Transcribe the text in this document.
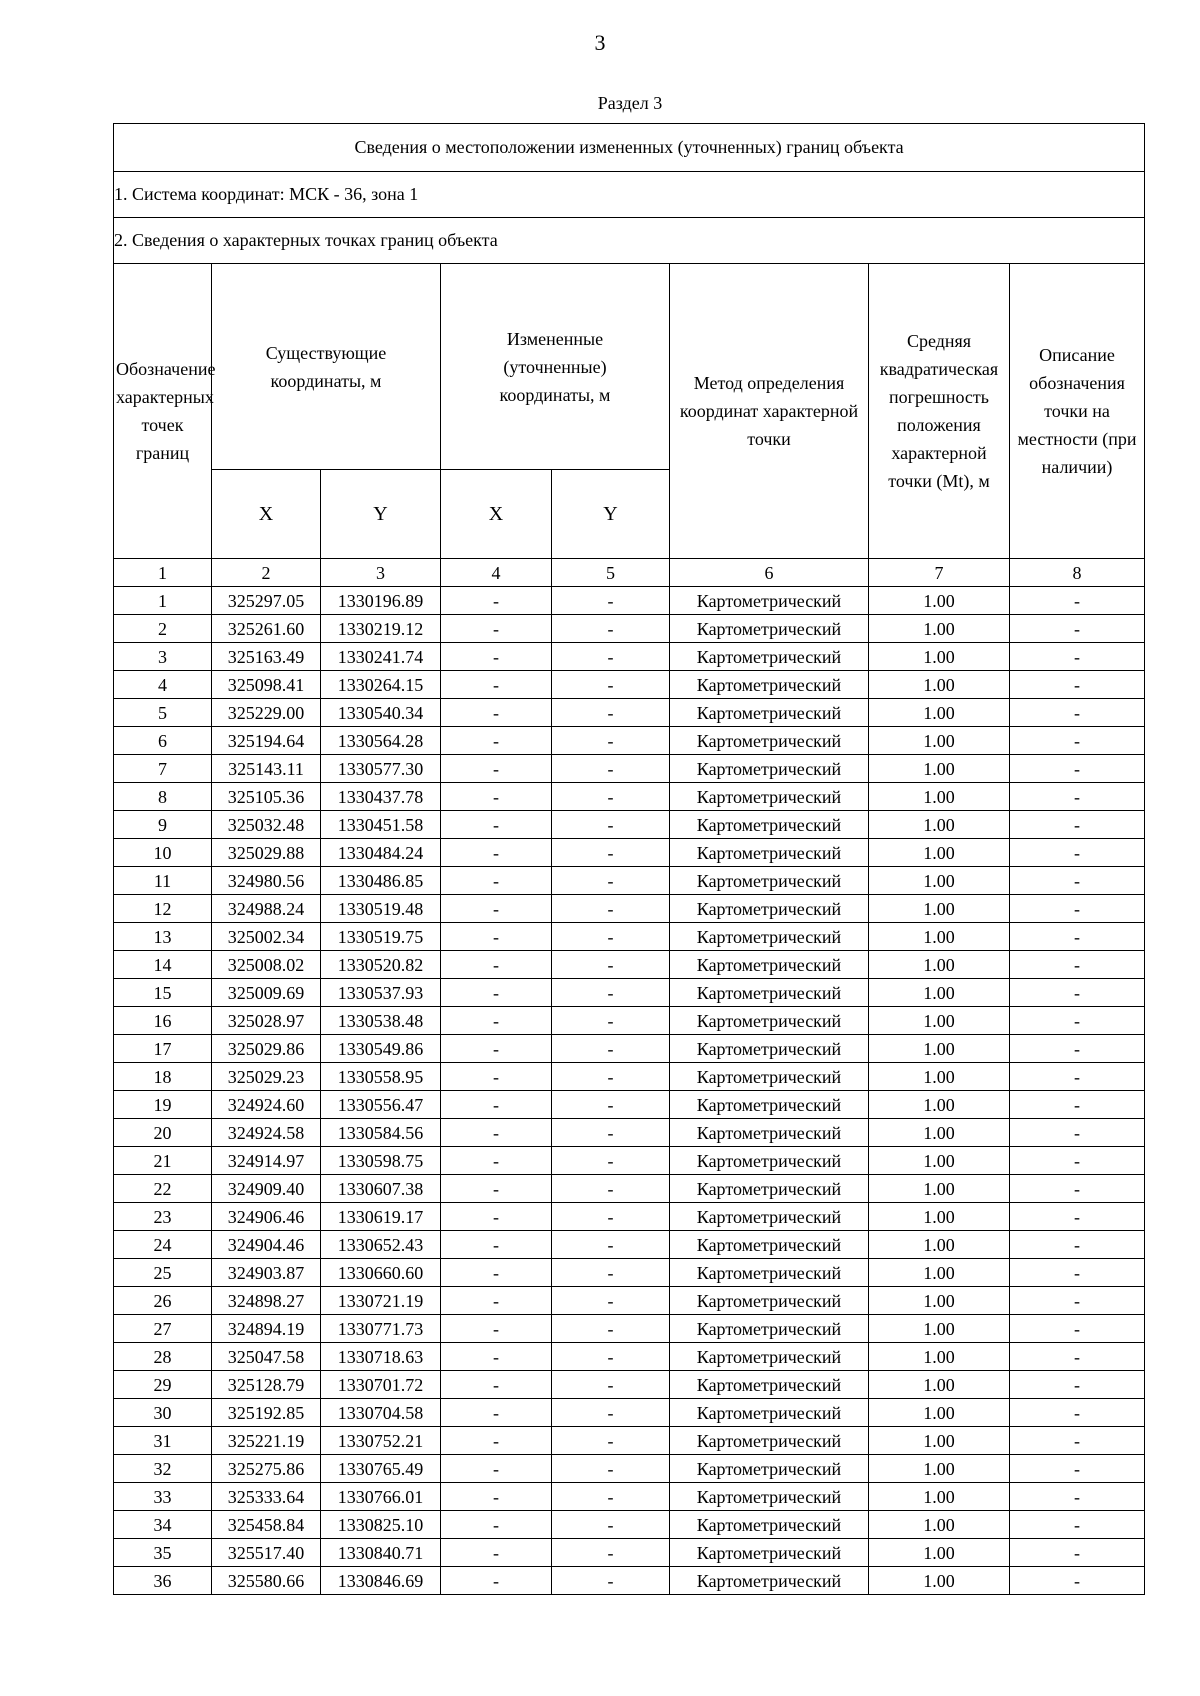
3
Раздел 3
Сведения о местоположении измененных (уточненных) границ объекта							
1. Система координат: МСК - 36, зона 1							
2. Сведения о характерных точках границ объекта							
Обозначение характерных точек границ	Существующие координаты, м		Измененные (уточненные) координаты, м		Метод определения координат характерной точки	Средняя квадратическая погрешность положения характерной точки (Mt), м	Описание обозначения точки на местности (при наличии)
	X	Y	X	Y			
1	2	3	4	5	6	7	8
1	325297.05	1330196.89	-	-	Картометрический	1.00	-
2	325261.60	1330219.12	-	-	Картометрический	1.00	-
3	325163.49	1330241.74	-	-	Картометрический	1.00	-
4	325098.41	1330264.15	-	-	Картометрический	1.00	-
5	325229.00	1330540.34	-	-	Картометрический	1.00	-
6	325194.64	1330564.28	-	-	Картометрический	1.00	-
7	325143.11	1330577.30	-	-	Картометрический	1.00	-
8	325105.36	1330437.78	-	-	Картометрический	1.00	-
9	325032.48	1330451.58	-	-	Картометрический	1.00	-
10	325029.88	1330484.24	-	-	Картометрический	1.00	-
11	324980.56	1330486.85	-	-	Картометрический	1.00	-
12	324988.24	1330519.48	-	-	Картометрический	1.00	-
13	325002.34	1330519.75	-	-	Картометрический	1.00	-
14	325008.02	1330520.82	-	-	Картометрический	1.00	-
15	325009.69	1330537.93	-	-	Картометрический	1.00	-
16	325028.97	1330538.48	-	-	Картометрический	1.00	-
17	325029.86	1330549.86	-	-	Картометрический	1.00	-
18	325029.23	1330558.95	-	-	Картометрический	1.00	-
19	324924.60	1330556.47	-	-	Картометрический	1.00	-
20	324924.58	1330584.56	-	-	Картометрический	1.00	-
21	324914.97	1330598.75	-	-	Картометрический	1.00	-
22	324909.40	1330607.38	-	-	Картометрический	1.00	-
23	324906.46	1330619.17	-	-	Картометрический	1.00	-
24	324904.46	1330652.43	-	-	Картометрический	1.00	-
25	324903.87	1330660.60	-	-	Картометрический	1.00	-
26	324898.27	1330721.19	-	-	Картометрический	1.00	-
27	324894.19	1330771.73	-	-	Картометрический	1.00	-
28	325047.58	1330718.63	-	-	Картометрический	1.00	-
29	325128.79	1330701.72	-	-	Картометрический	1.00	-
30	325192.85	1330704.58	-	-	Картометрический	1.00	-
31	325221.19	1330752.21	-	-	Картометрический	1.00	-
32	325275.86	1330765.49	-	-	Картометрический	1.00	-
33	325333.64	1330766.01	-	-	Картометрический	1.00	-
34	325458.84	1330825.10	-	-	Картометрический	1.00	-
35	325517.40	1330840.71	-	-	Картометрический	1.00	-
36	325580.66	1330846.69	-	-	Картометрический	1.00	-
